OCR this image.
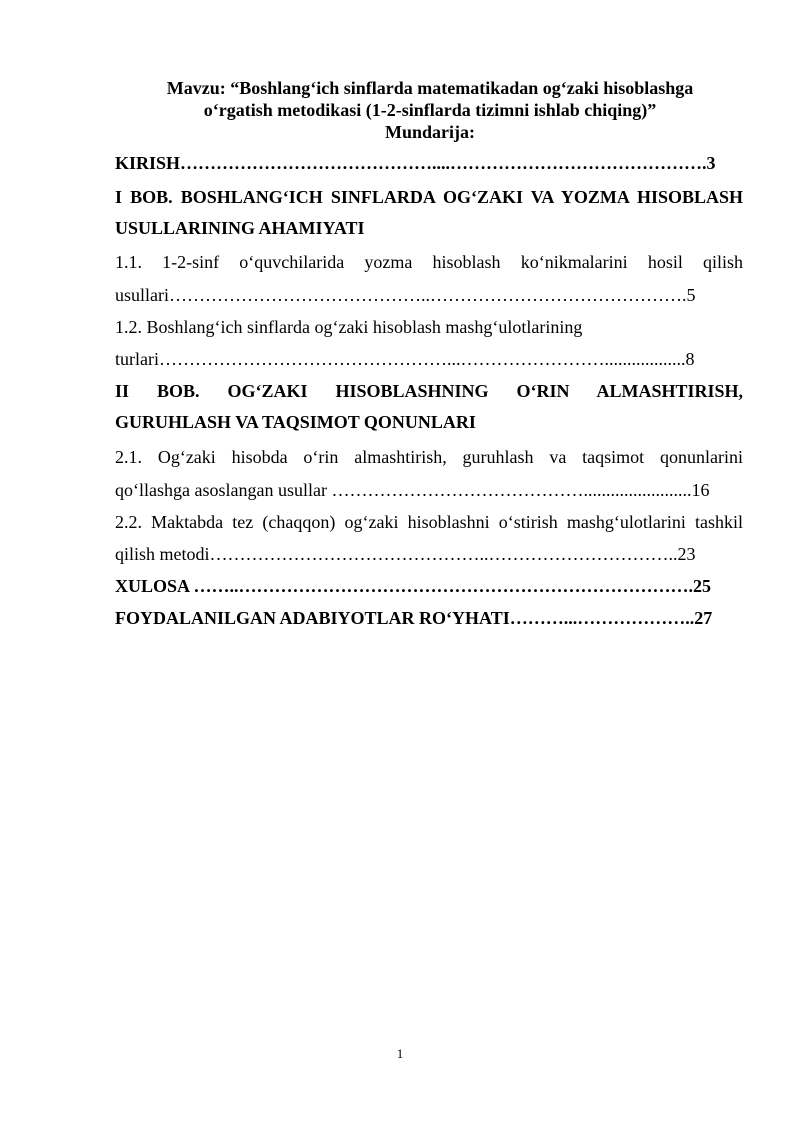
Mavzu: “Boshlang‘ich sinflarda matematikadan og‘zaki hisoblashga
o‘rgatish metodikasi (1-2-sinflarda tizimni ishlab chiqing)”
Mundarija:
KIRISH……………………………………....…………………………………….3
I BOB. BOSHLANG‘ICH SINFLARDA OG‘ZAKI VA YOZMA HISOBLASH
USULLARINING AHAMIYATI
1.1. 1-2-sinf o‘quvchilarida yozma hisoblash ko‘nikmalarini hosil qilish
usullari……………………………………..…………………………………….5
1.2. Boshlang‘ich sinflarda og‘zaki hisoblash mashg‘ulotlarining
turlari…………………………………………...……………………..................8
II BOB. OG‘ZAKI HISOBLASHNING O‘RIN ALMASHTIRISH,
GURUHLASH VA TAQSIMOT QONUNLARI
2.1. Og‘zaki hisobda o‘rin almashtirish, guruhlash va taqsimot qonunlarini
qo‘llashga asoslangan usullar ……………………………………........................16
2.2. Maktabda tez (chaqqon) og‘zaki hisoblashni o‘stirish mashg‘ulotlarini tashkil
qilish metodi………………………………………..…………………………..23
XULOSA ……..………………………………………………………………….25
FOYDALANILGAN ADABIYOTLAR RO‘YHATI………...………………..27
1
